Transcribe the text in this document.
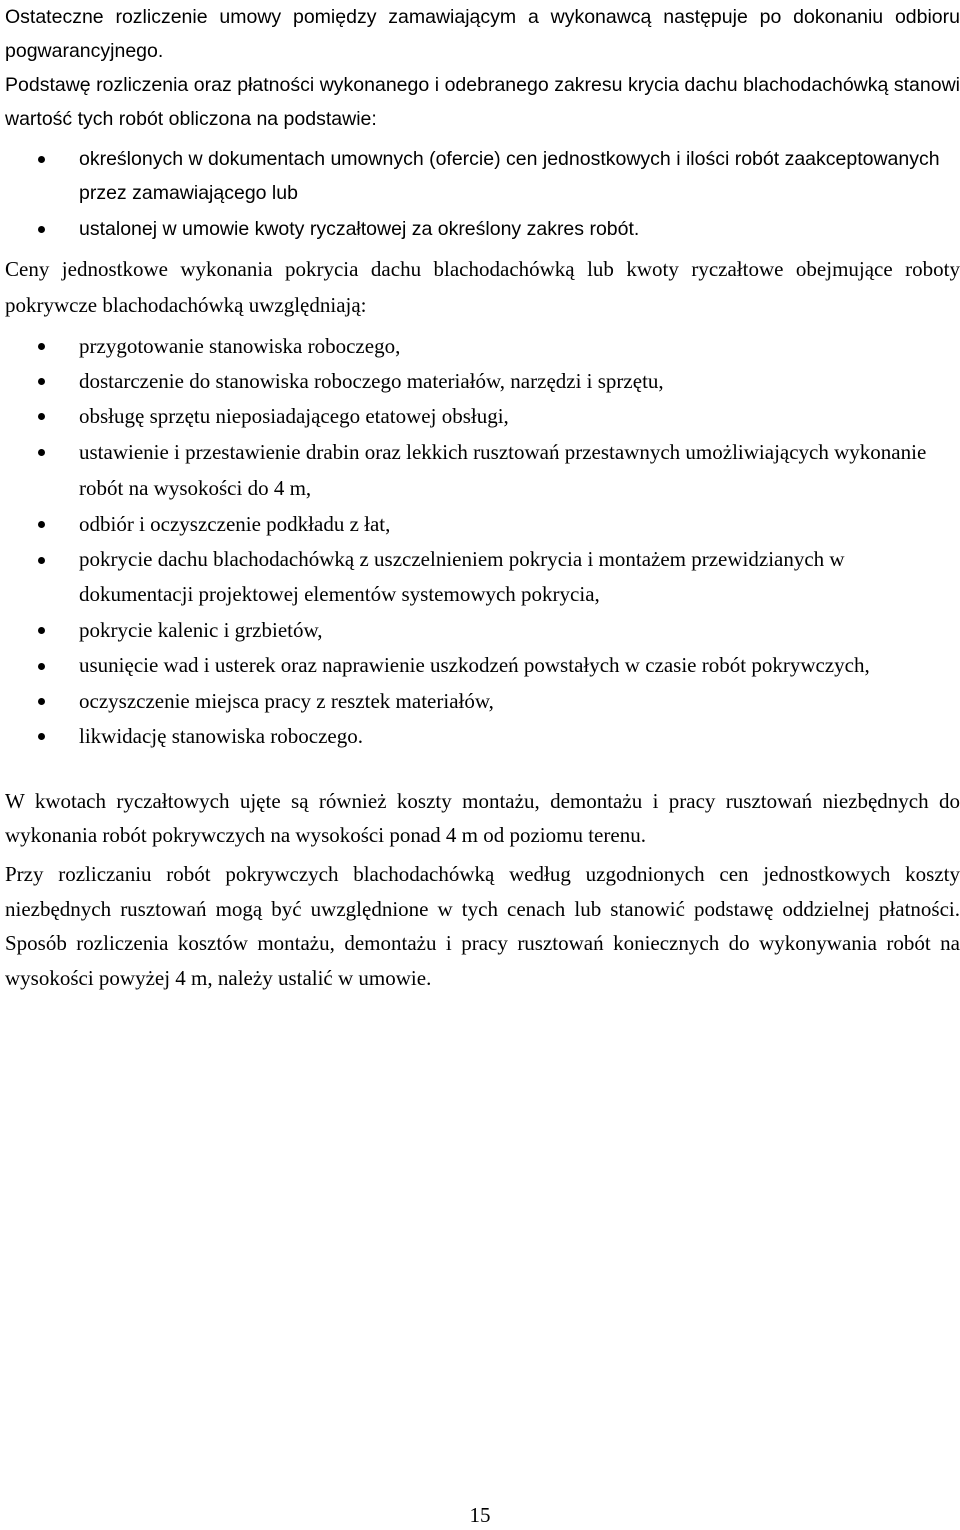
Ostateczne rozliczenie umowy pomiędzy zamawiającym a wykonawcą następuje po dokonaniu odbioru pogwarancyjnego.

Podstawę rozliczenia oraz płatności wykonanego i odebranego zakresu krycia dachu blachodachówką stanowi wartość tych robót obliczona na podstawie:

określonych w dokumentach umownych (ofercie) cen jednostkowych i ilości robót zaakceptowanych przez zamawiającego lub
ustalonej w umowie kwoty ryczałtowej za określony zakres robót.

Ceny jednostkowe wykonania pokrycia dachu blachodachówką lub kwoty ryczałtowe obejmujące roboty pokrywcze blachodachówką uwzględniają:

przygotowanie stanowiska roboczego,
dostarczenie do stanowiska roboczego materiałów, narzędzi i sprzętu,
obsługę sprzętu nieposiadającego etatowej obsługi,
ustawienie i przestawienie drabin oraz lekkich rusztowań przestawnych umożliwiających wykonanie robót na wysokości do 4 m,
odbiór i oczyszczenie podkładu z łat,
pokrycie dachu blachodachówką z uszczelnieniem pokrycia i montażem przewidzianych w dokumentacji projektowej elementów systemowych pokrycia,
pokrycie kalenic i grzbietów,
usunięcie wad i usterek oraz naprawienie uszkodzeń powstałych w czasie robót pokrywczych,
oczyszczenie miejsca pracy z resztek materiałów,
likwidację stanowiska roboczego.

W kwotach ryczałtowych ujęte są również koszty montażu, demontażu i pracy rusztowań niezbędnych do wykonania robót pokrywczych na wysokości ponad 4 m od poziomu terenu.

Przy rozliczaniu robót pokrywczych blachodachówką według uzgodnionych cen jednostkowych koszty niezbędnych rusztowań mogą być uwzględnione w tych cenach lub stanowić podstawę oddzielnej płatności. Sposób rozliczenia kosztów montażu, demontażu i pracy rusztowań koniecznych do wykonywania robót na wysokości powyżej 4 m, należy ustalić w umowie.

15
